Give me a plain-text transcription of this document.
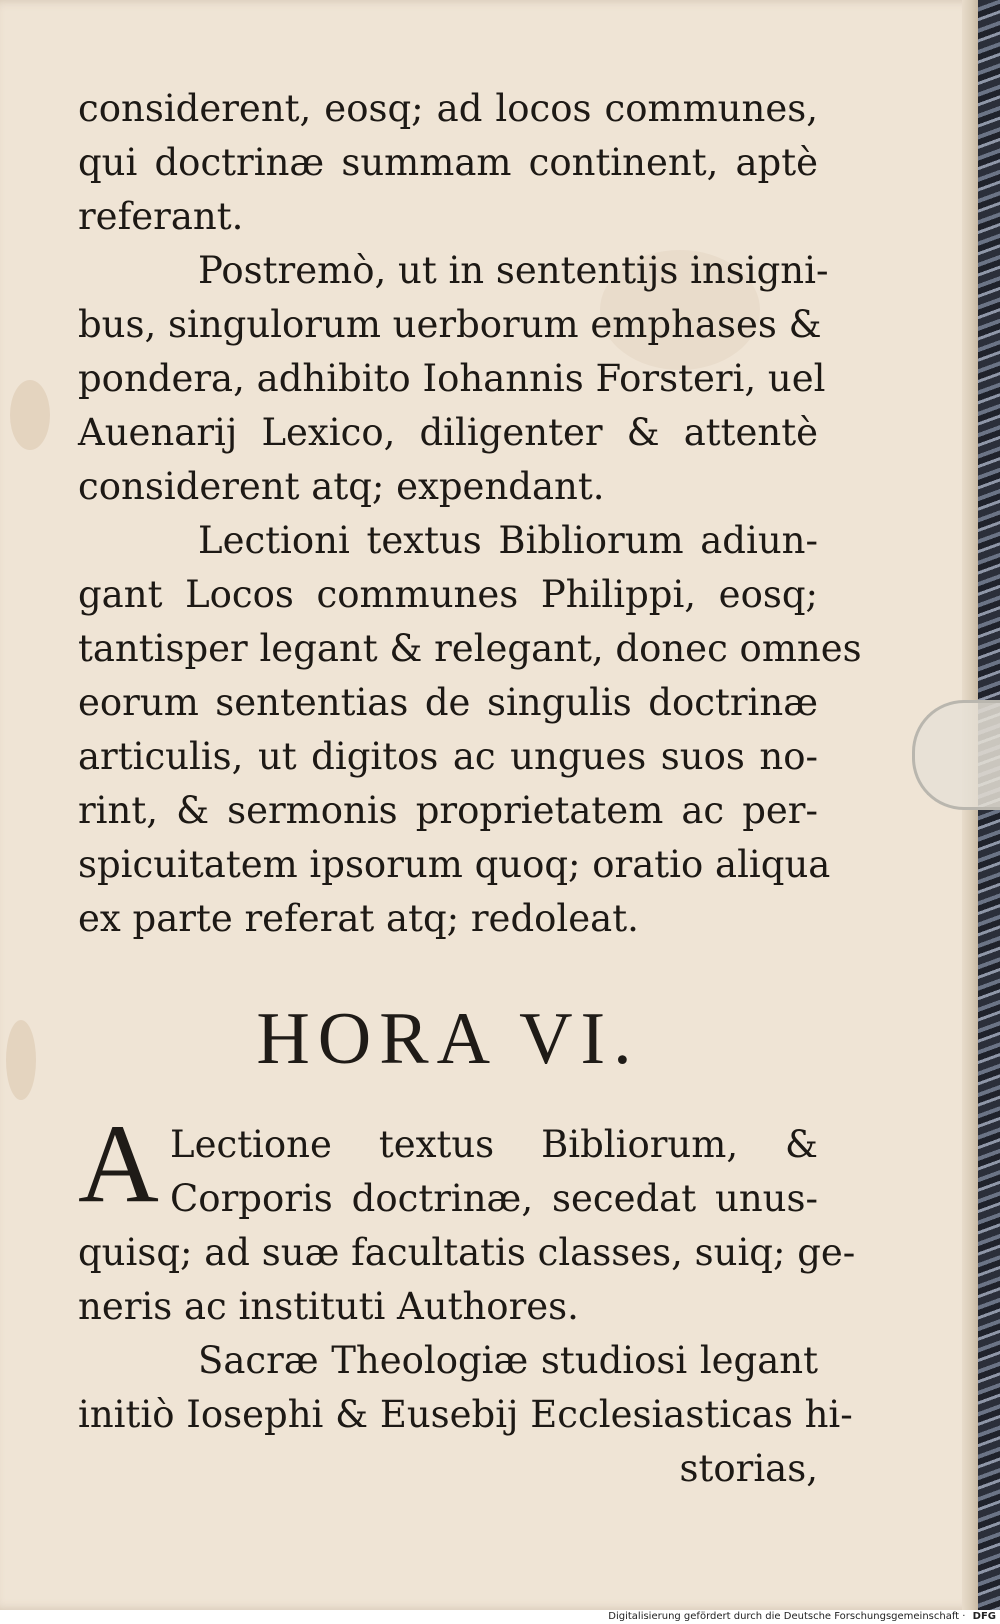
considerent, eosq; ad locos communes,
qui doctrinæ summam continent, aptè
referant.
Postremò, ut in sententijs insigni-
bus, singulorum uerborum emphases &
pondera, adhibito Iohannis Forsteri, uel
Auenarij Lexico, diligenter & attentè
considerent atq; expendant.
Lectioni textus Bibliorum adiun-
gant Locos communes Philippi, eosq;
tantisper legant & relegant, donec omnes
eorum sententias de singulis doctrinæ
articulis, ut digitos ac ungues suos no-
rint, & sermonis proprietatem ac per-
spicuitatem ipsorum quoq; oratio aliqua
ex parte referat atq; redoleat.
HORA VI.
A Lectione textus Bibliorum, &
Corporis doctrinæ, secedat unus-
quisq; ad suæ facultatis classes, suiq; ge-
neris ac instituti Authores.
Sacræ Theologiæ studiosi legant
initiò Iosephi & Eusebij Ecclesiasticas hi-
storias,
Digitalisierung gefördert durch die Deutsche Forschungsgemeinschaft · DFG
